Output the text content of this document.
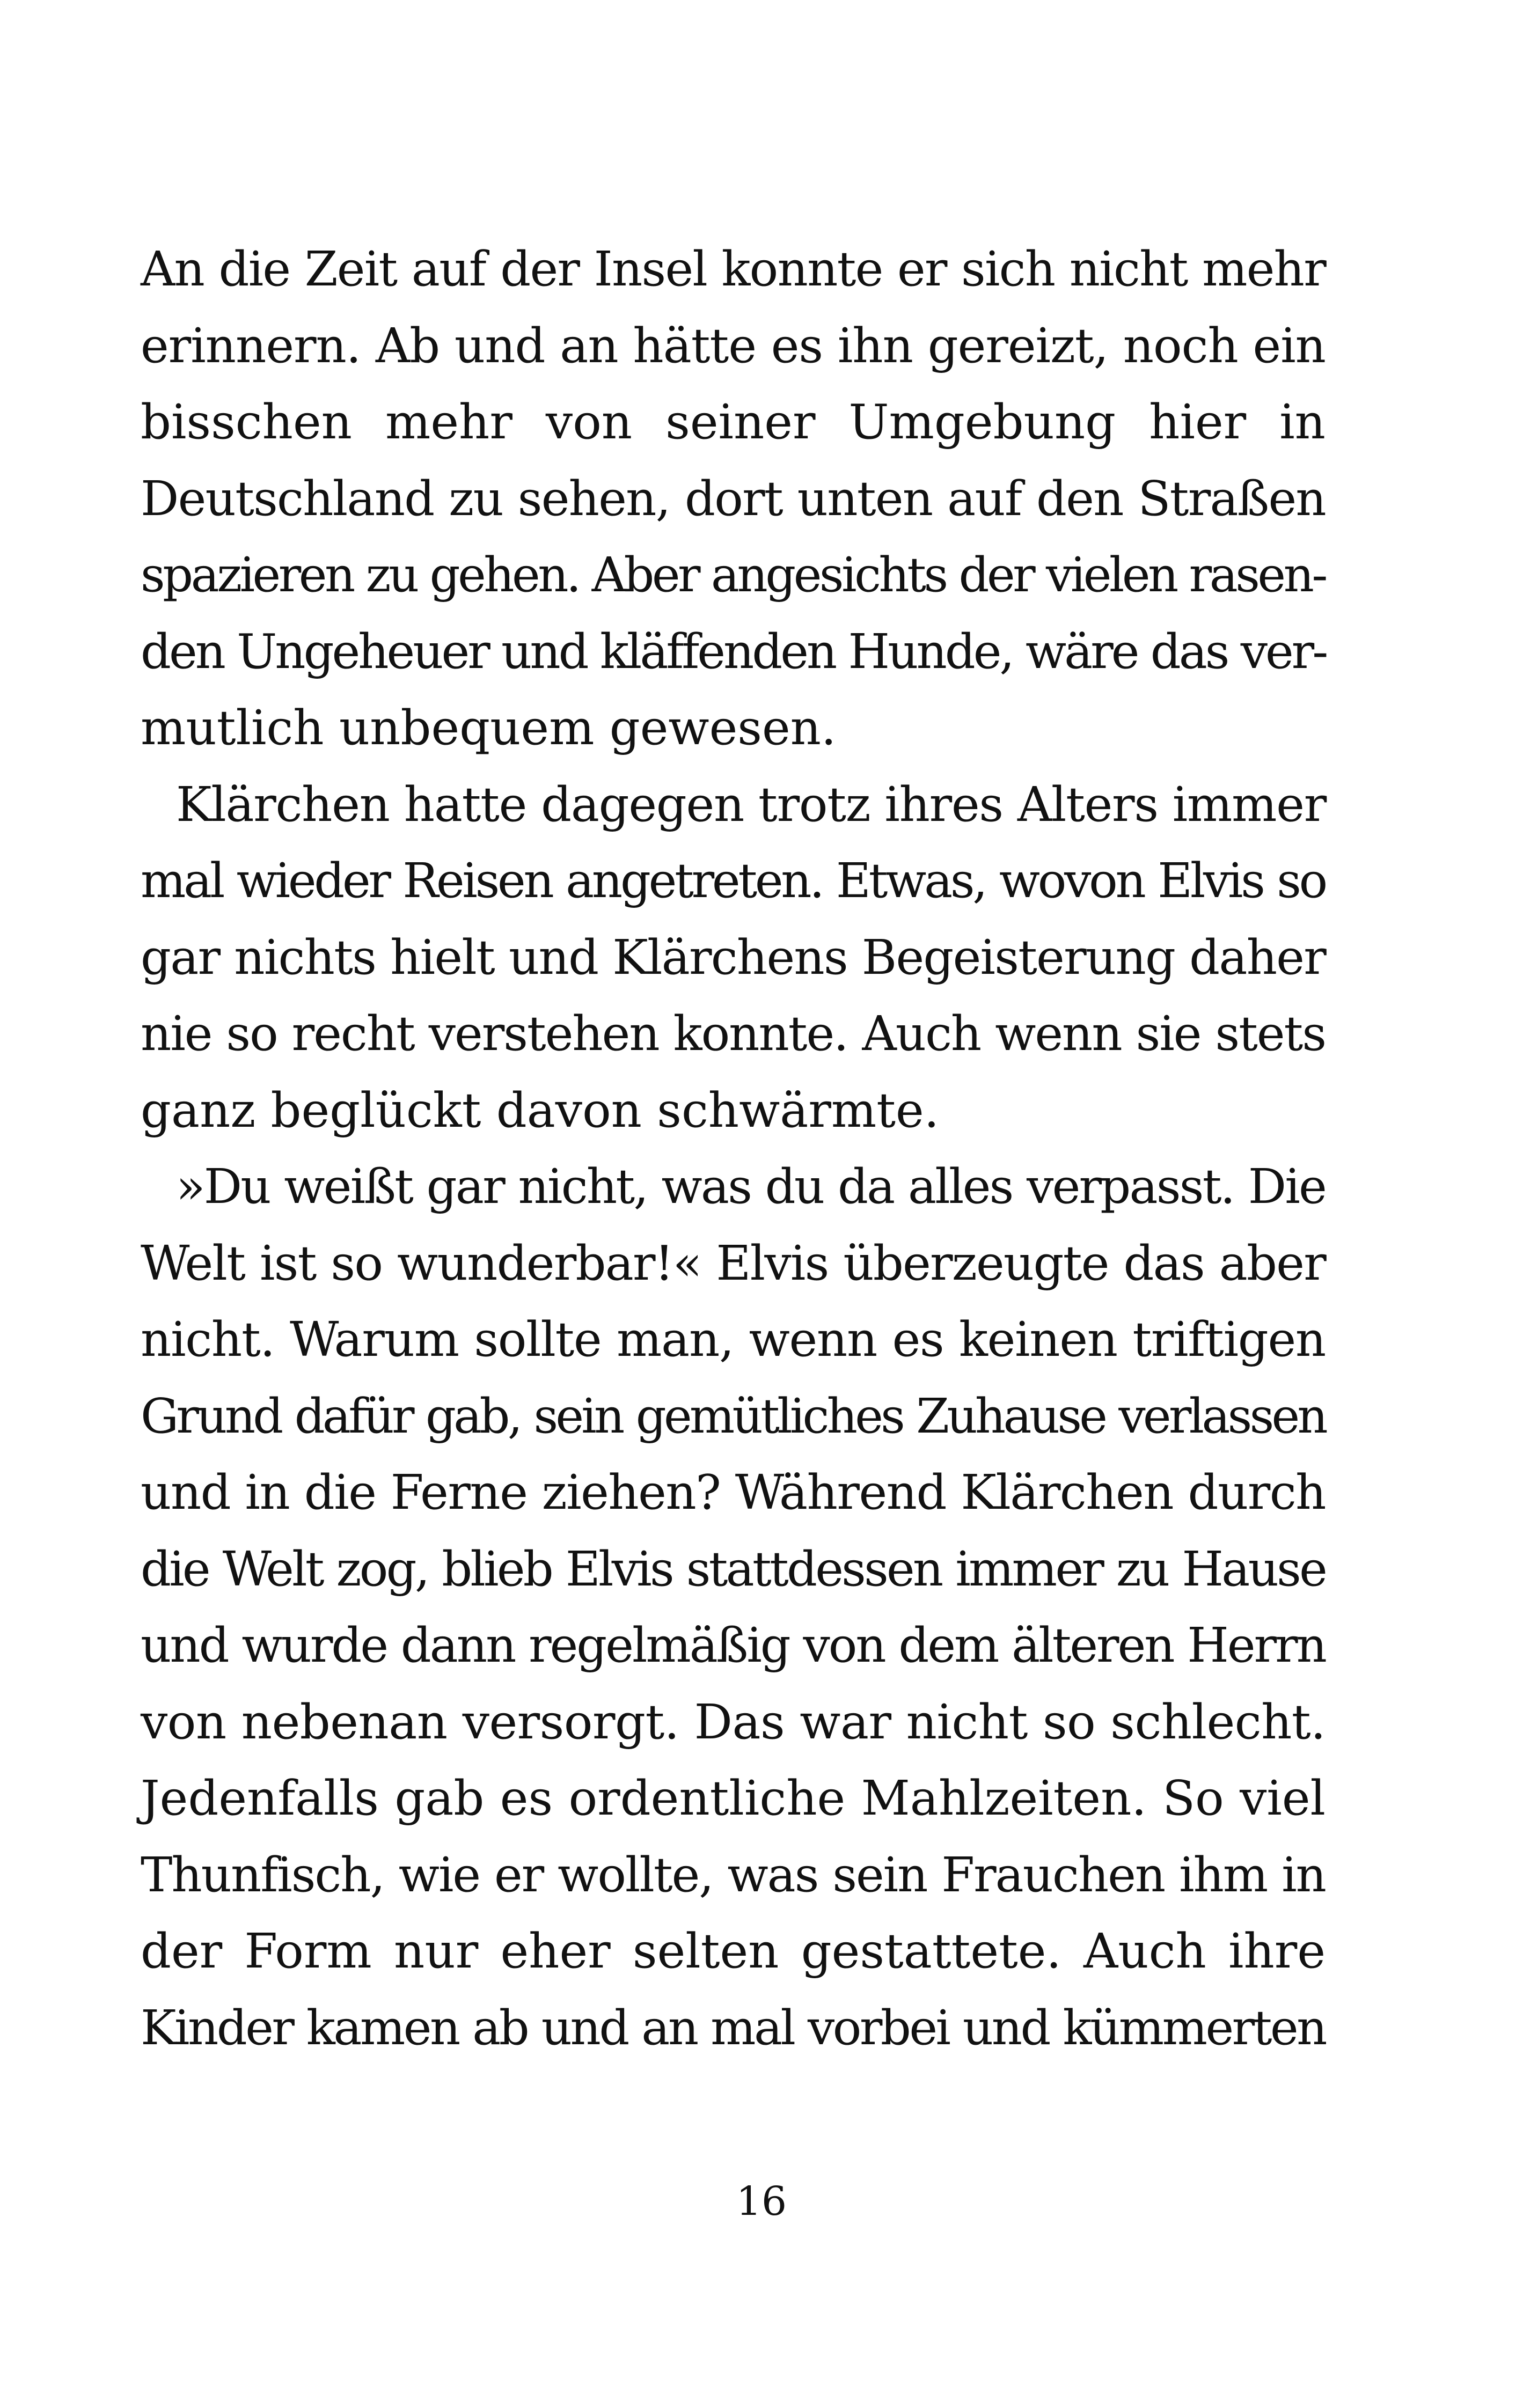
An die Zeit auf der Insel konnte er sich nicht mehr
erinnern. Ab und an hätte es ihn gereizt, noch ein
bisschen mehr von seiner Umgebung hier in
Deutschland zu sehen, dort unten auf den Straßen
spazieren zu gehen. Aber angesichts der vielen rasen-
den Ungeheuer und kläffenden Hunde, wäre das ver-
mutlich unbequem gewesen.
Klärchen hatte dagegen trotz ihres Alters immer
mal wieder Reisen angetreten. Etwas, wovon Elvis so
gar nichts hielt und Klärchens Begeisterung daher
nie so recht verstehen konnte. Auch wenn sie stets
ganz beglückt davon schwärmte.
»Du weißt gar nicht, was du da alles verpasst. Die
Welt ist so wunderbar!« Elvis überzeugte das aber
nicht. Warum sollte man, wenn es keinen triftigen
Grund dafür gab, sein gemütliches Zuhause verlassen
und in die Ferne ziehen? Während Klärchen durch
die Welt zog, blieb Elvis stattdessen immer zu Hause
und wurde dann regelmäßig von dem älteren Herrn
von nebenan versorgt. Das war nicht so schlecht.
Jedenfalls gab es ordentliche Mahlzeiten. So viel
Thunfisch, wie er wollte, was sein Frauchen ihm in
der Form nur eher selten gestattete. Auch ihre
Kinder kamen ab und an mal vorbei und kümmerten
16
